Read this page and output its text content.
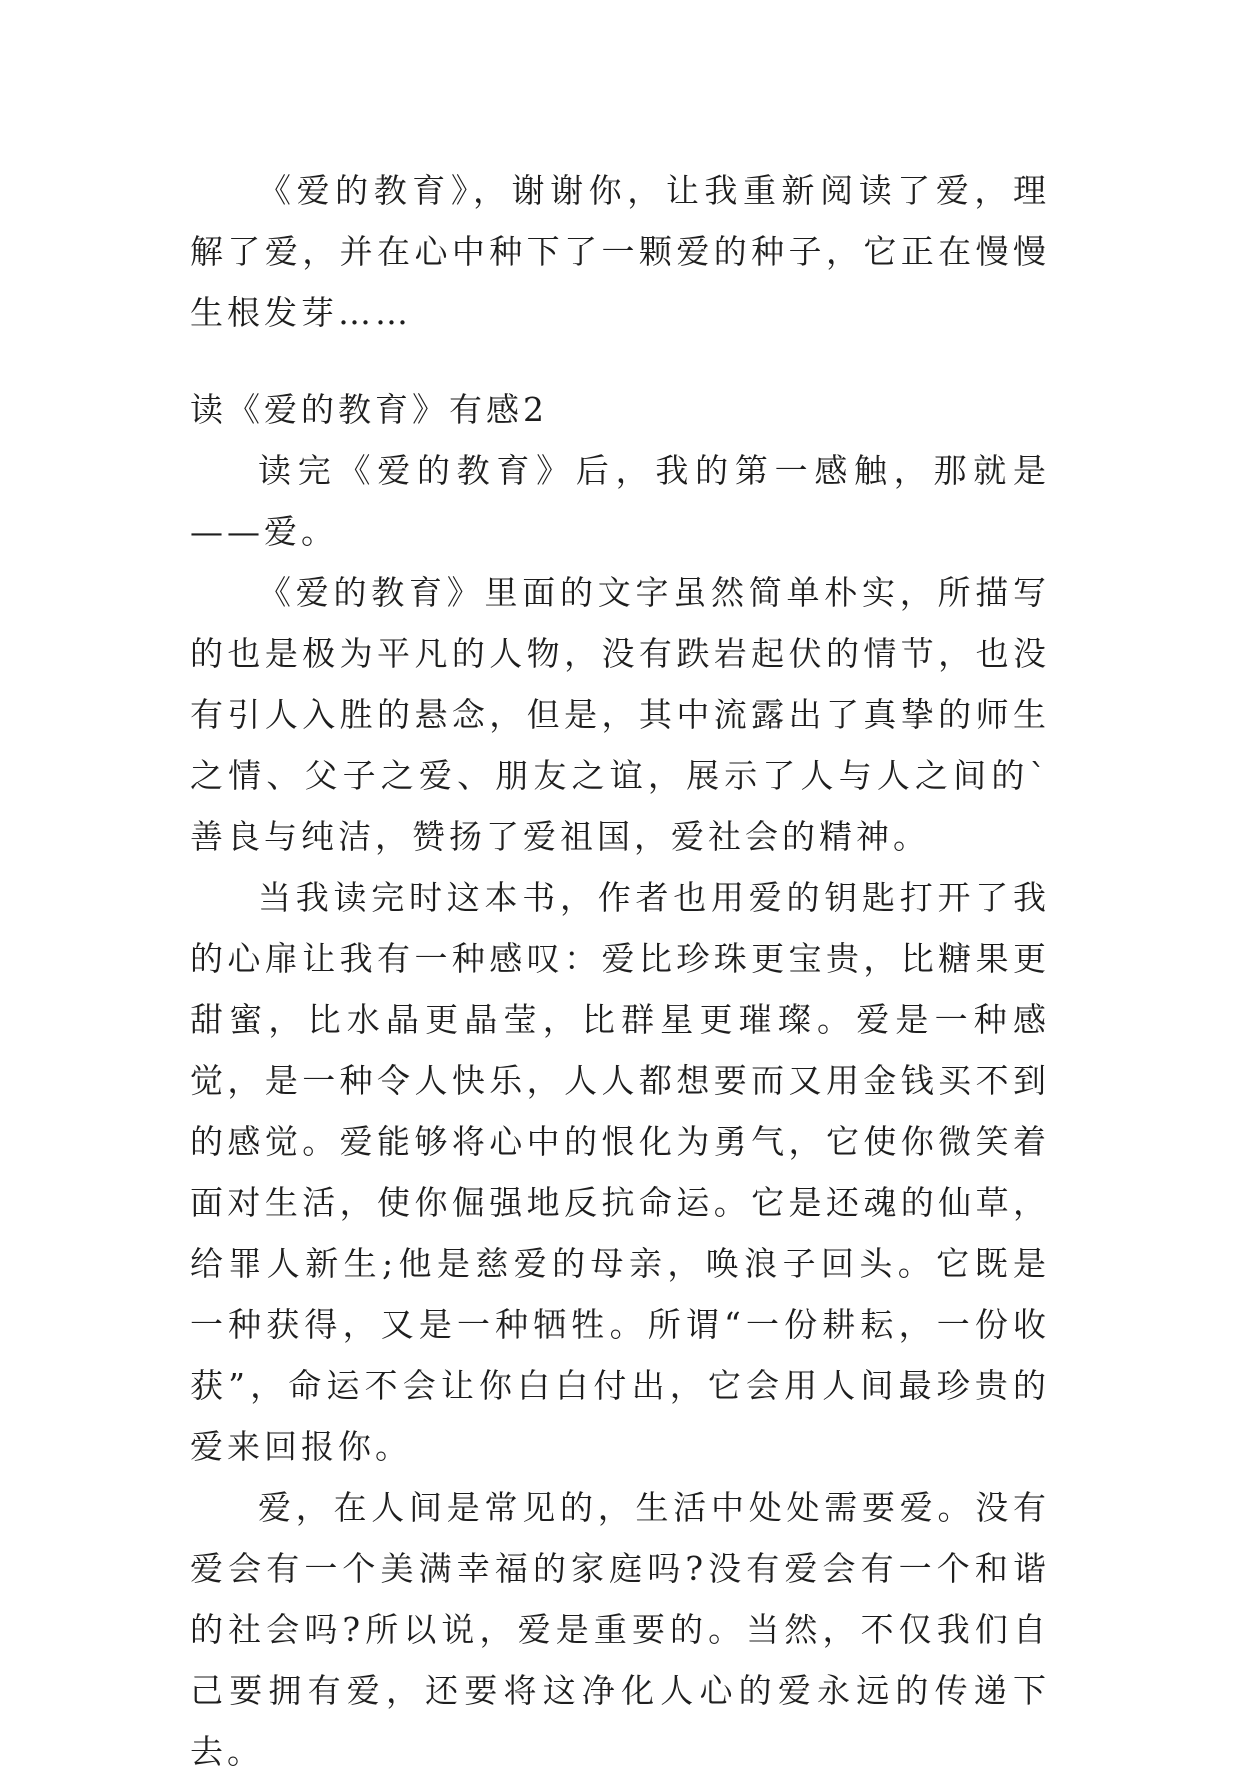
《爱的教育》，谢谢你，让我重新阅读了爱，理解了爱，并在心中种下了一颗爱的种子，它正在慢慢生根发芽……

读《爱的教育》有感2

读完《爱的教育》后，我的第一感触，那就是——爱。

《爱的教育》里面的文字虽然简单朴实，所描写的也是极为平凡的人物，没有跌岩起伏的情节，也没有引人入胜的悬念，但是，其中流露出了真挚的师生之情、父子之爱、朋友之谊，展示了人与人之间的`善良与纯洁，赞扬了爱祖国，爱社会的精神。

当我读完时这本书，作者也用爱的钥匙打开了我的心扉让我有一种感叹：爱比珍珠更宝贵，比糖果更甜蜜，比水晶更晶莹，比群星更璀璨。爱是一种感觉，是一种令人快乐，人人都想要而又用金钱买不到的感觉。爱能够将心中的恨化为勇气，它使你微笑着面对生活，使你倔强地反抗命运。它是还魂的仙草，给罪人新生;他是慈爱的母亲，唤浪子回头。它既是一种获得，又是一种牺牲。所谓“一份耕耘，一份收获”，命运不会让你白白付出，它会用人间最珍贵的爱来回报你。

爱，在人间是常见的，生活中处处需要爱。没有爱会有一个美满幸福的家庭吗?没有爱会有一个和谐的社会吗?所以说，爱是重要的。当然，不仅我们自己要拥有爱，还要将这净化人心的爱永远的传递下去。
